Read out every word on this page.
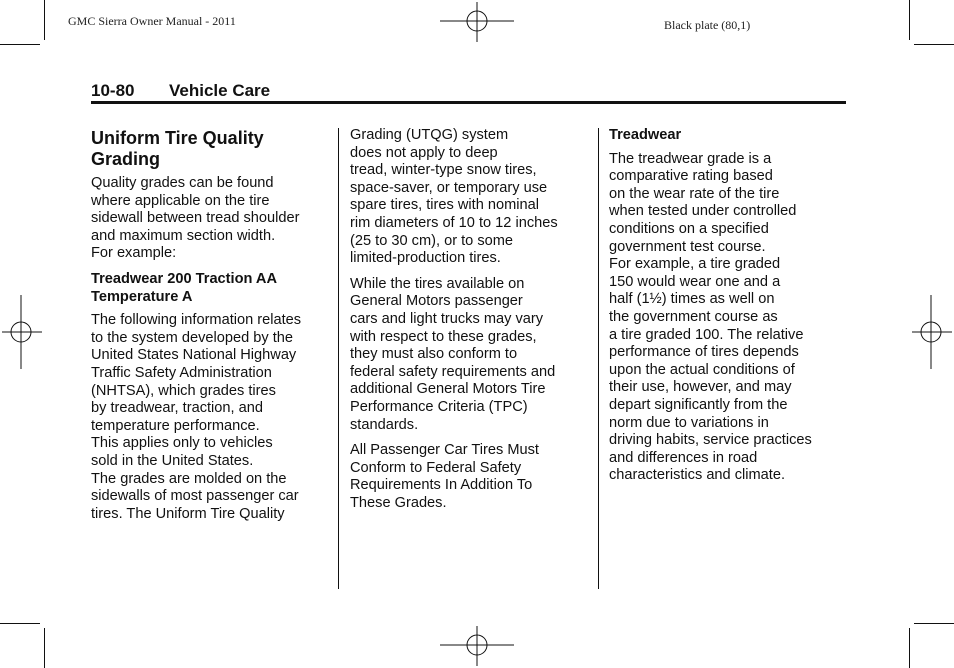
GMC Sierra Owner Manual - 2011	Black plate (80,1)
10-80 Vehicle Care
Uniform Tire Quality
Grading

Quality grades can be found
where applicable on the tire
sidewall between tread shoulder
and maximum section width.
For example:

Treadwear 200 Traction AA
Temperature A

The following information relates
to the system developed by the
United States National Highway
Traffic Safety Administration
(NHTSA), which grades tires
by treadwear, traction, and
temperature performance.
This applies only to vehicles
sold in the United States.
The grades are molded on the
sidewalls of most passenger car
tires. The Uniform Tire Quality

Grading (UTQG) system
does not apply to deep
tread, winter-type snow tires,
space-saver, or temporary use
spare tires, tires with nominal
rim diameters of 10 to 12 inches
(25 to 30 cm), or to some
limited-production tires.

While the tires available on
General Motors passenger
cars and light trucks may vary
with respect to these grades,
they must also conform to
federal safety requirements and
additional General Motors Tire
Performance Criteria (TPC)
standards.

All Passenger Car Tires Must
Conform to Federal Safety
Requirements In Addition To
These Grades.

Treadwear

The treadwear grade is a
comparative rating based
on the wear rate of the tire
when tested under controlled
conditions on a specified
government test course.
For example, a tire graded
150 would wear one and a
half (1½) times as well on
the government course as
a tire graded 100. The relative
performance of tires depends
upon the actual conditions of
their use, however, and may
depart significantly from the
norm due to variations in
driving habits, service practices
and differences in road
characteristics and climate.
